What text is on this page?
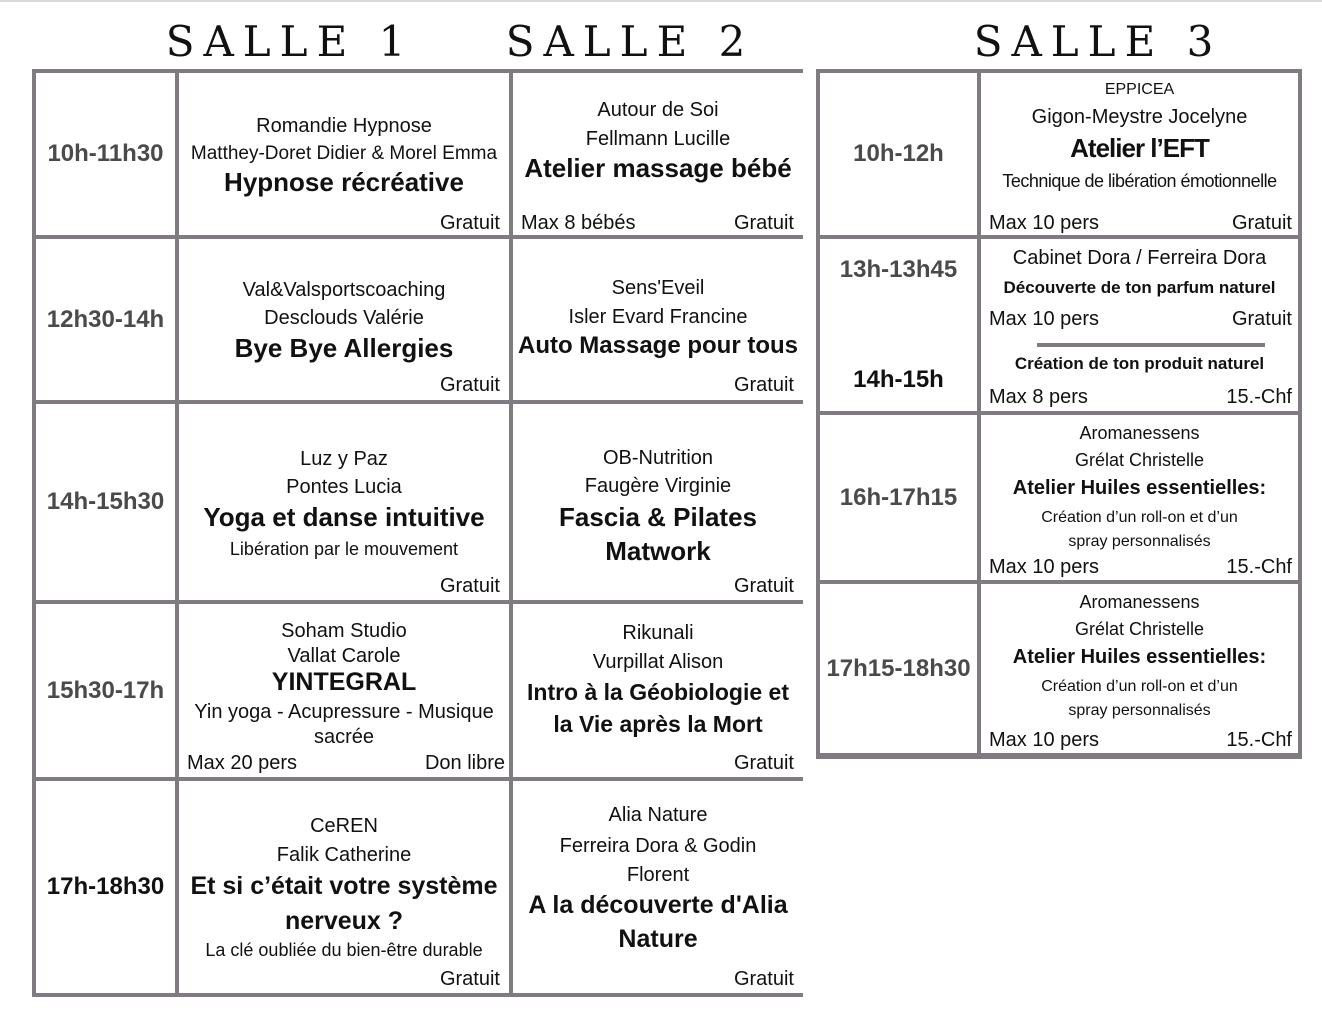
SALLE 1 SALLE 2	SALLE 3
10h-11h30
Romandie Hypnose
Matthey-Doret Didier & Morel Emma
Hypnose récréative
Gratuit
Autour de Soi
Fellmann Lucille
Atelier massage bébé
Max 8 bébés	Gratuit
12h30-14h
Val&Valsportscoaching
Desclouds Valérie
Bye Bye Allergies
Gratuit
Sens'Eveil
Isler Evard Francine
Auto Massage pour tous
Gratuit
14h-15h30
Luz y Paz
Pontes Lucia
Yoga et danse intuitive
Libération par le mouvement
Gratuit
OB-Nutrition
Faugère Virginie
Fascia & Pilates Matwork
Gratuit
15h30-17h
Soham Studio
Vallat Carole
YINTEGRAL
Yin yoga - Acupressure - Musique sacrée
Max 20 pers	Don libre
Rikunali
Vurpillat Alison
Intro à la Géobiologie et la Vie après la Mort
Gratuit
17h-18h30
CeREN
Falik Catherine
Et si c’était votre système nerveux ?
La clé oubliée du bien-être durable
Gratuit
Alia Nature
Ferreira Dora & Godin Florent
A la découverte d'Alia Nature
Gratuit
10h-12h
EPPICEA
Gigon-Meystre Jocelyne
Atelier l’EFT
Technique de libération émotionnelle
Max 10 pers	Gratuit
13h-13h45
14h-15h
Cabinet Dora / Ferreira Dora
Découverte de ton parfum naturel
Max 10 pers	Gratuit
Création de ton produit naturel
Max 8 pers	15.-Chf
16h-17h15
Aromanessens
Grélat Christelle
Atelier Huiles essentielles:
Création d’un roll-on et d’un spray personnalisés
Max 10 pers	15.-Chf
17h15-18h30
Aromanessens
Grélat Christelle
Atelier Huiles essentielles:
Création d’un roll-on et d’un spray personnalisés
Max 10 pers	15.-Chf
